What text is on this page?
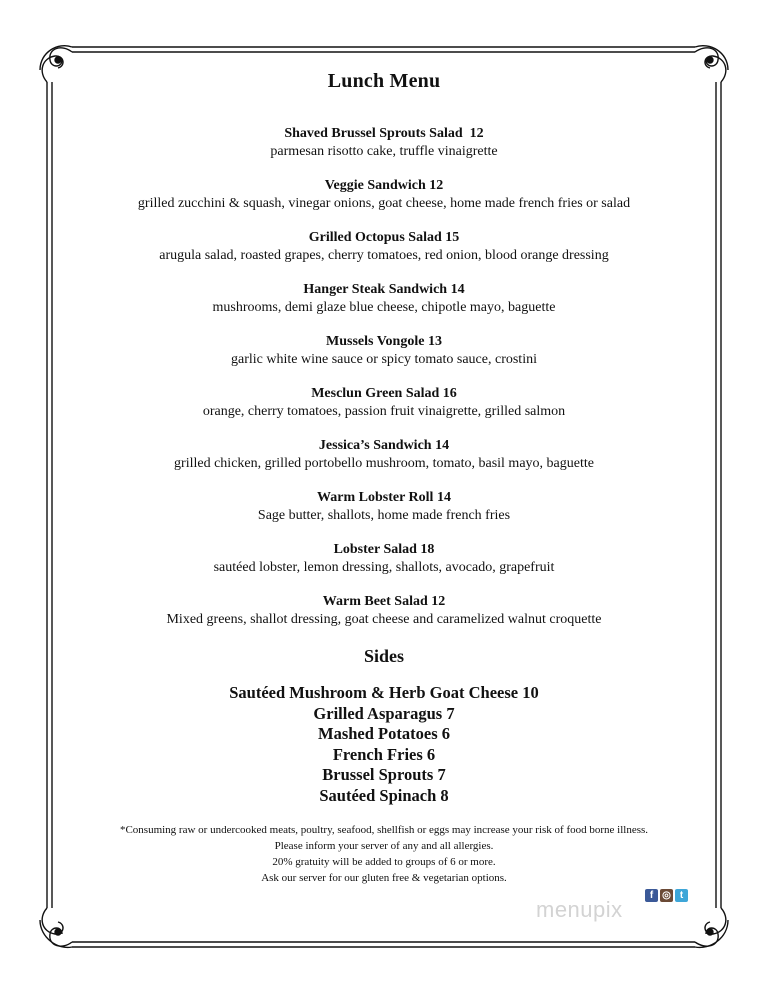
Lunch Menu
Shaved Brussel Sprouts Salad  12
parmesan risotto cake, truffle vinaigrette
Veggie Sandwich 12
grilled zucchini & squash, vinegar onions, goat cheese, home made french fries or salad
Grilled Octopus Salad 15
arugula salad, roasted grapes, cherry tomatoes, red onion, blood orange dressing
Hanger Steak Sandwich 14
mushrooms, demi glaze blue cheese, chipotle mayo, baguette
Mussels Vongole 13
garlic white wine sauce or spicy tomato sauce, crostini
Mesclun Green Salad 16
orange, cherry tomatoes, passion fruit vinaigrette, grilled salmon
Jessica’s Sandwich 14
grilled chicken, grilled portobello mushroom, tomato, basil mayo, baguette
Warm Lobster Roll 14
Sage butter, shallots, home made french fries
Lobster Salad 18
sautéed lobster, lemon dressing, shallots, avocado, grapefruit
Warm Beet Salad 12
Mixed greens, shallot dressing, goat cheese and caramelized walnut croquette
Sides
Sautéed Mushroom & Herb Goat Cheese 10
Grilled Asparagus 7
Mashed Potatoes 6
French Fries 6
Brussel Sprouts 7
Sautéed Spinach 8
*Consuming raw or undercooked meats, poultry, seafood, shellfish or eggs may increase your risk of food borne illness.
Please inform your server of any and all allergies.
20% gratuity will be added to groups of 6 or more.
Ask our server for our gluten free & vegetarian options.
f ◎ t
menupix
